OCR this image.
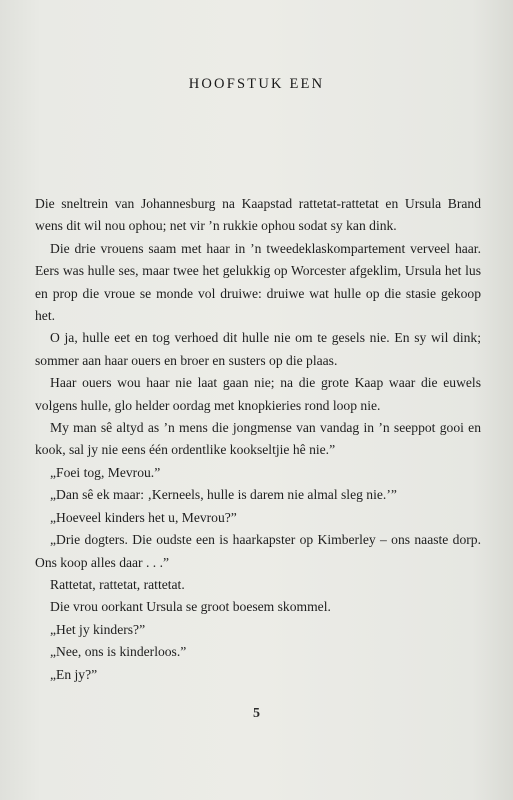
HOOFSTUK EEN

Die sneltrein van Johannesburg na Kaapstad rattetat-rattetat en Ursula Brand wens dit wil nou ophou; net vir ’n rukkie ophou sodat sy kan dink.

Die drie vrouens saam met haar in ’n tweedeklaskompartement verveel haar. Eers was hulle ses, maar twee het gelukkig op Worcester afgeklim, Ursula het lus en prop die vroue se monde vol druiwe: druiwe wat hulle op die stasie gekoop het.

O ja, hulle eet en tog verhoed dit hulle nie om te gesels nie. En sy wil dink; sommer aan haar ouers en broer en susters op die plaas.

Haar ouers wou haar nie laat gaan nie; na die grote Kaap waar die euwels volgens hulle, glo helder oordag met knopkieries rond loop nie.

My man sê altyd as ’n mens die jongmense van vandag in ’n seeppot gooi en kook, sal jy nie eens één ordentlike kookseltjie hê nie.”

„Foei tog, Mevrou.”

„Dan sê ek maar: ‚Kerneels, hulle is darem nie almal sleg nie.’”

„Hoeveel kinders het u, Mevrou?”

„Drie dogters. Die oudste een is haarkapster op Kimberley – ons naaste dorp. Ons koop alles daar . . .”

Rattetat, rattetat, rattetat.

Die vrou oorkant Ursula se groot boesem skommel.

„Het jy kinders?”

„Nee, ons is kinderloos.”

„En jy?”

5
